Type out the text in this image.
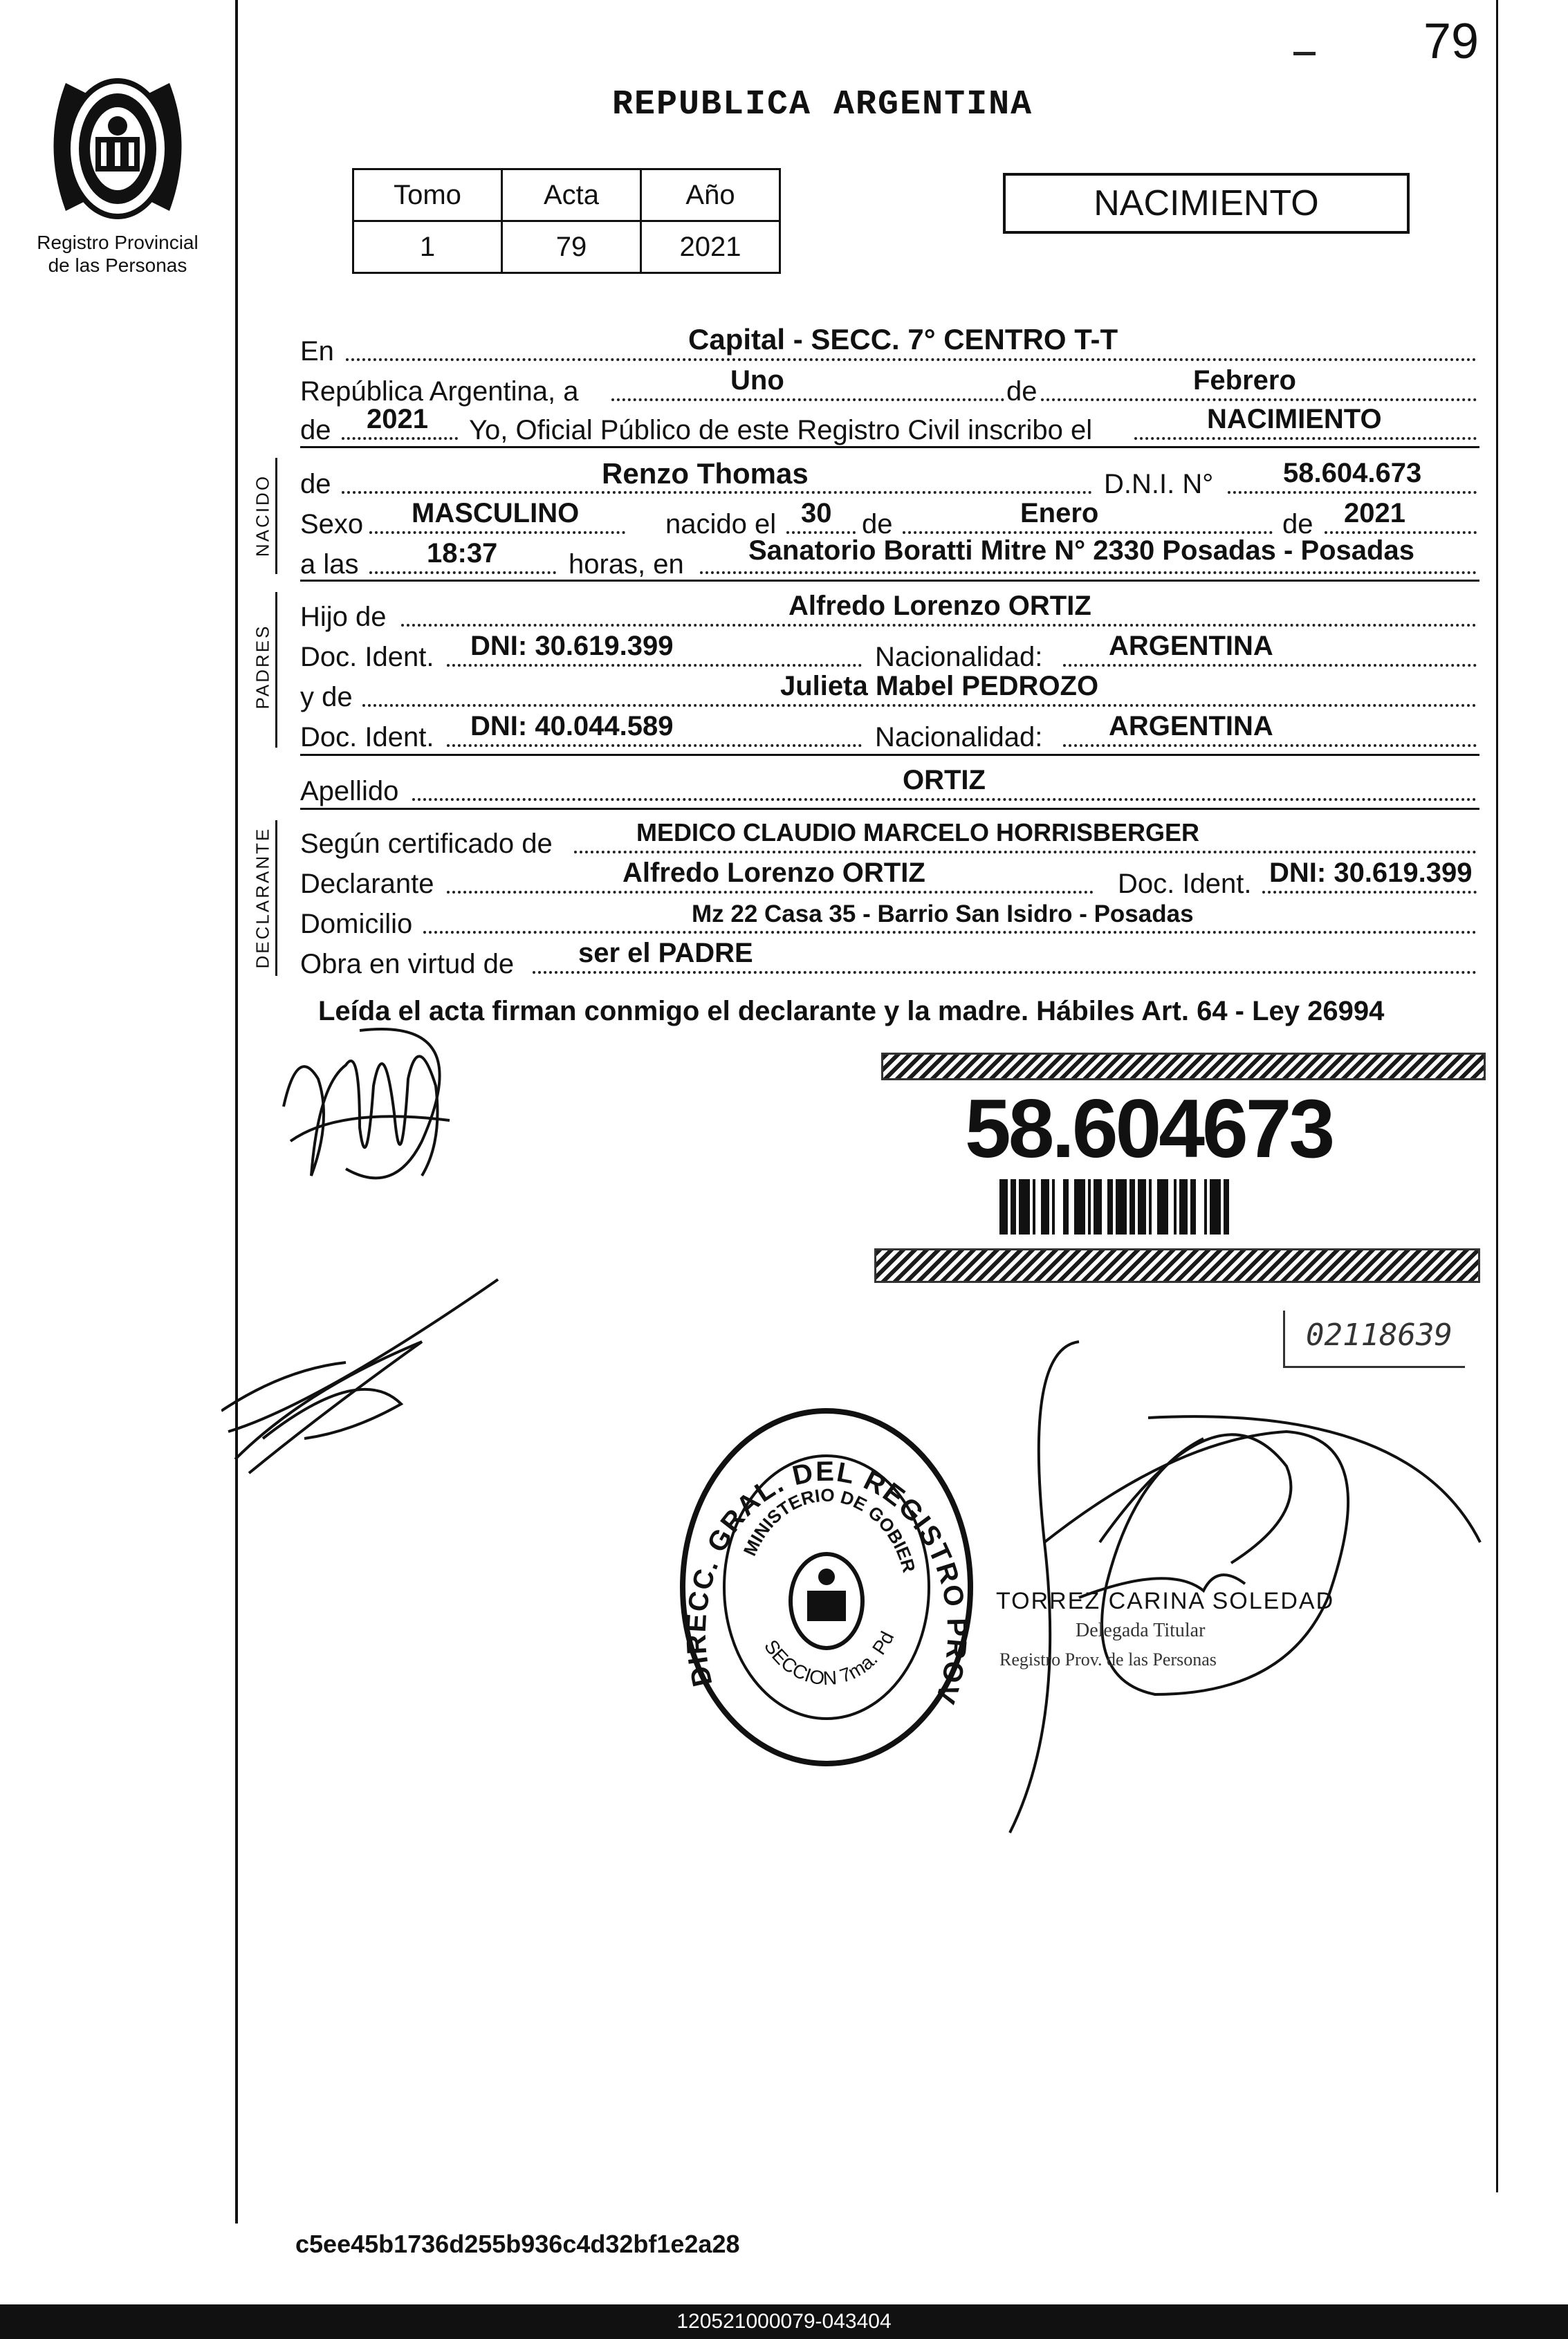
79
Registro Provincial
de las Personas
REPUBLICA ARGENTINA
Tomo	Acta	Año
1	79	2021
NACIMIENTO
En	Capital - SECC. 7° CENTRO T-T
República Argentina, a	Uno	de	Febrero
de 2021 Yo, Oficial Público de este Registro Civil inscribo el	NACIMIENTO
NACIDO de	Renzo Thomas	D.N.I. N°	58.604.673
Sexo MASCULINO	nacido el 30 de	Enero	de 2021
a las 18:37	horas, en Sanatorio Boratti Mitre N° 2330 Posadas - Posadas
PADRES
Hijo de	Alfredo Lorenzo ORTIZ
Doc. Ident. DNI: 30.619.399	Nacionalidad: ARGENTINA
y de	Julieta Mabel PEDROZO
Doc. Ident. DNI: 40.044.589	Nacionalidad: ARGENTINA
Apellido	ORTIZ
DECLARANTE Según certificado de	MEDICO CLAUDIO MARCELO HORRISBERGER
Declarante	Alfredo Lorenzo ORTIZ	Doc. Ident. DNI: 30.619.399
Domicilio	Mz 22 Casa 35 - Barrio San Isidro - Posadas
Obra en virtud de ser el PADRE
Leída el acta firman conmigo el declarante y la madre. Hábiles Art. 64 - Ley 26994
58.604673
02118639
DIRECC. GRAL. DEL REGISTRO PROV
MINISTERIO DE GOBIER
SECCION 7ma. Pd
TORREZ CARINA SOLEDAD
Delegada Titular
Registro Prov. de las Personas
c5ee45b1736d255b936c4d32bf1e2a28
120521000079-043404
